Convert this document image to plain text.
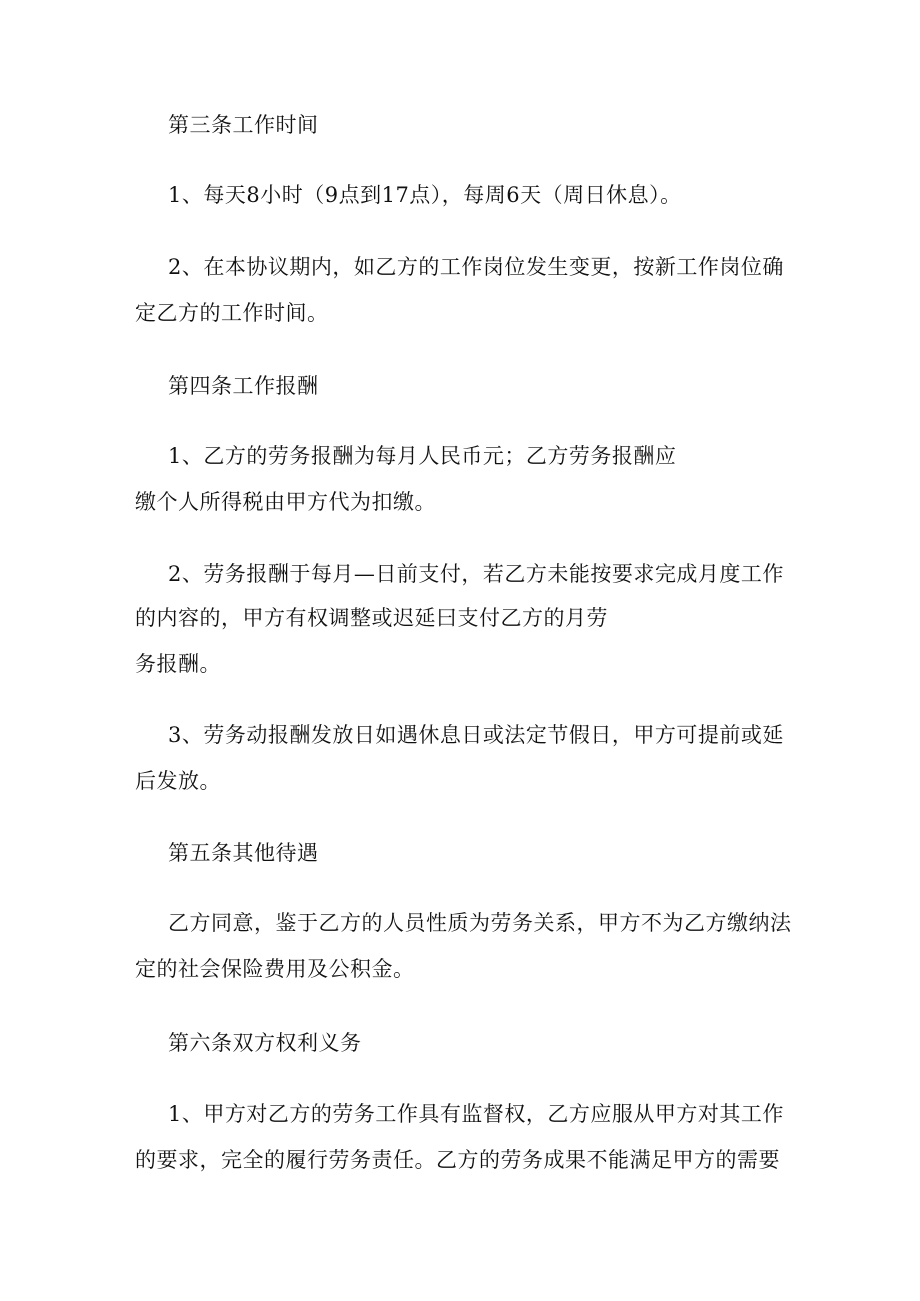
第三条工作时间
1、每天8小时（9点到17点），每周6天（周日休息）。
2、在本协议期内，如乙方的工作岗位发生变更，按新工作岗位确
定乙方的工作时间。
第四条工作报酬
1、乙方的劳务报酬为每月人民币元；乙方劳务报酬应
缴个人所得税由甲方代为扣缴。
2、劳务报酬于每月—日前支付，若乙方未能按要求完成月度工作
的内容的，甲方有权调整或迟延曰支付乙方的月劳
务报酬。
3、劳务动报酬发放日如遇休息日或法定节假日，甲方可提前或延
后发放。
第五条其他待遇
乙方同意，鉴于乙方的人员性质为劳务关系，甲方不为乙方缴纳法
定的社会保险费用及公积金。
第六条双方权利义务
1、甲方对乙方的劳务工作具有监督权，乙方应服从甲方对其工作
的要求，完全的履行劳务责任。乙方的劳务成果不能满足甲方的需要
